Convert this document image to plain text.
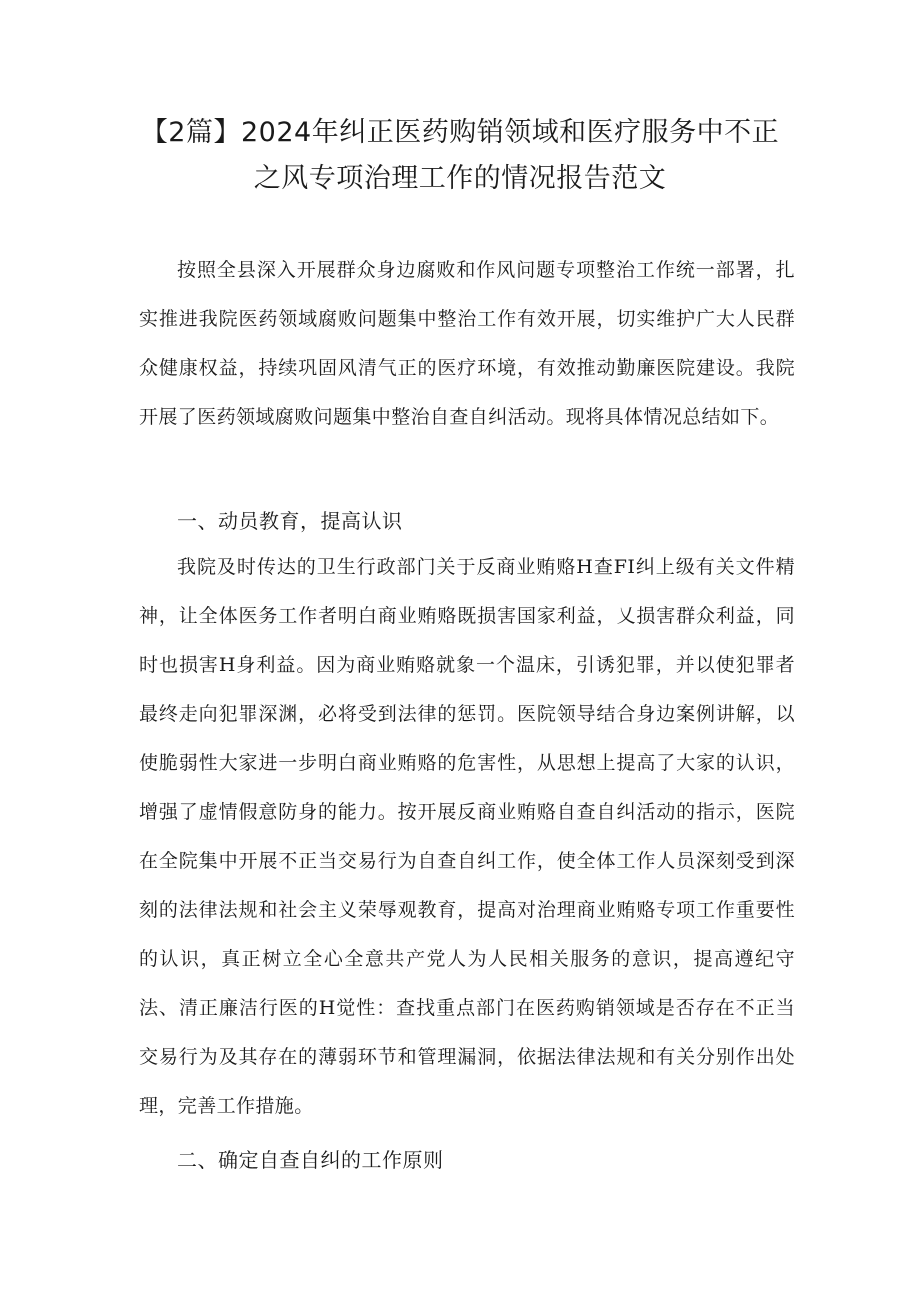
【2篇】2024年纠正医药购销领域和医疗服务中不正
之风专项治理工作的情况报告范文

按照全县深入开展群众身边腐败和作风问题专项整治工作统一部署，扎实推进我院医药领域腐败问题集中整治工作有效开展，切实维护广大人民群众健康权益，持续巩固风清气正的医疗环境，有效推动勤廉医院建设。我院开展了医药领域腐败问题集中整治自查自纠活动。现将具体情况总结如下。

一、动员教育，提高认识

我院及时传达的卫生行政部门关于反商业贿赂H查FI纠上级有关文件精神，让全体医务工作者明白商业贿赂既损害国家利益，乂损害群众利益，同时也损害H身利益。因为商业贿赂就象一个温床，引诱犯罪，并以使犯罪者最终走向犯罪深渊，必将受到法律的惩罚。医院领导结合身边案例讲解，以使脆弱性大家进一步明白商业贿赂的危害性，从思想上提高了大家的认识，增强了虚情假意防身的能力。按开展反商业贿赂自查自纠活动的指示，医院在全院集中开展不正当交易行为自查自纠工作，使全体工作人员深刻受到深刻的法律法规和社会主义荣辱观教育，提高对治理商业贿赂专项工作重要性的认识，真正树立全心全意共产党人为人民相关服务的意识，提高遵纪守法、清正廉洁行医的H觉性：查找重点部门在医药购销领域是否存在不正当交易行为及其存在的薄弱环节和管理漏洞，依据法律法规和有关分别作出处理，完善工作措施。

二、确定自查自纠的工作原则
